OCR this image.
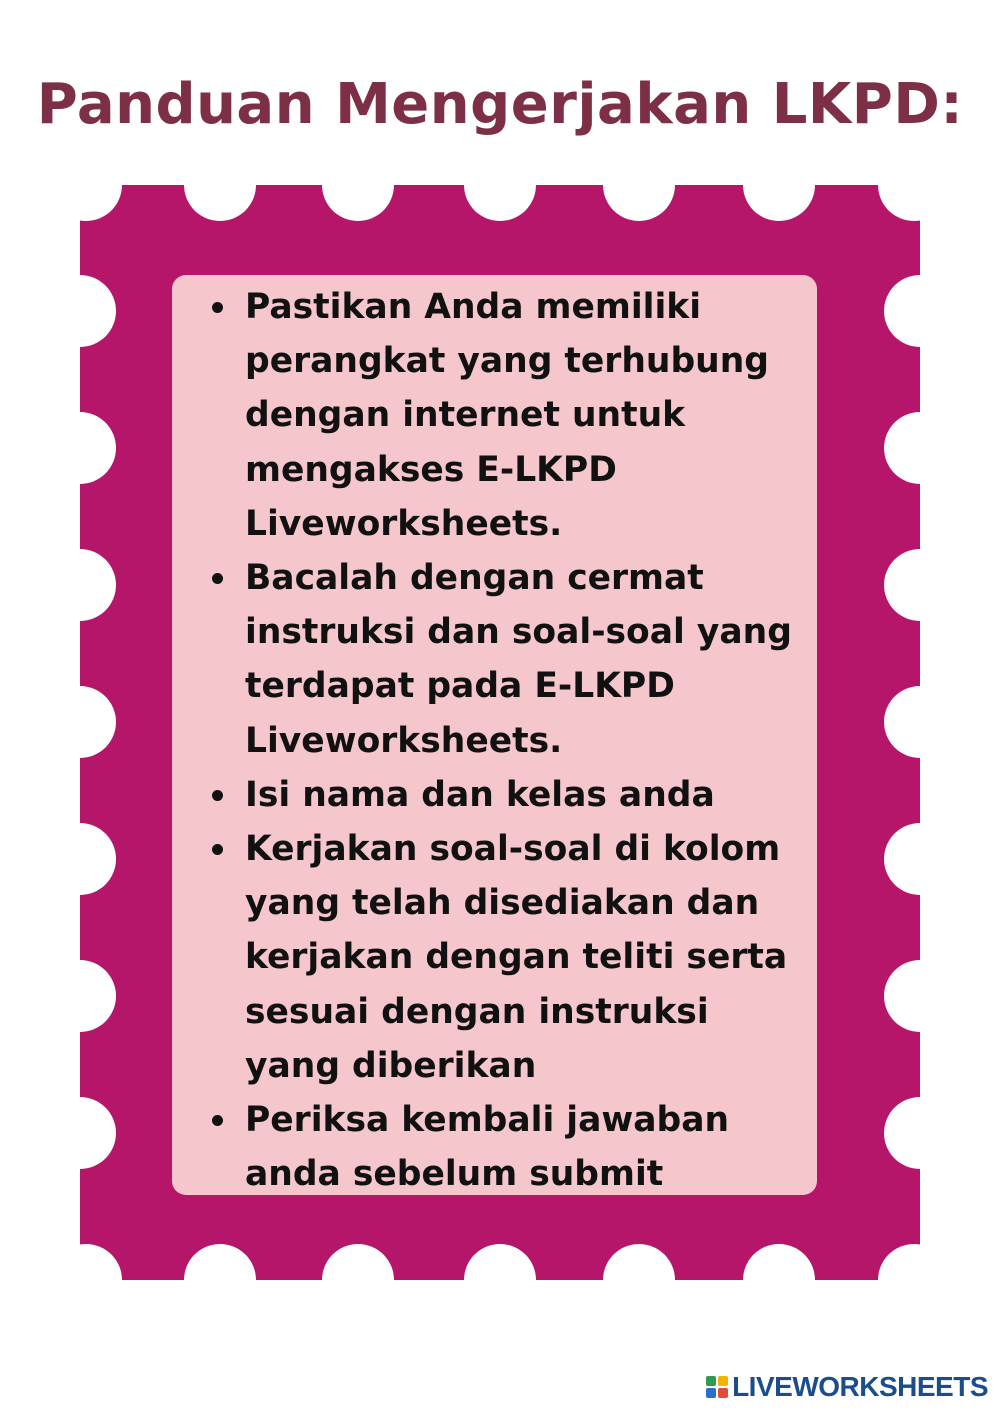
Panduan Mengerjakan LKPD:
Pastikan Anda memiliki perangkat yang terhubung dengan internet untuk mengakses E-LKPD Liveworksheets.
Bacalah dengan cermat instruksi dan soal-soal yang terdapat pada E-LKPD Liveworksheets.
Isi nama dan kelas anda
Kerjakan soal-soal di kolom yang telah disediakan dan kerjakan dengan teliti serta sesuai dengan instruksi yang diberikan
Periksa kembali jawaban anda sebelum submit
LIVEWORKSHEETS
